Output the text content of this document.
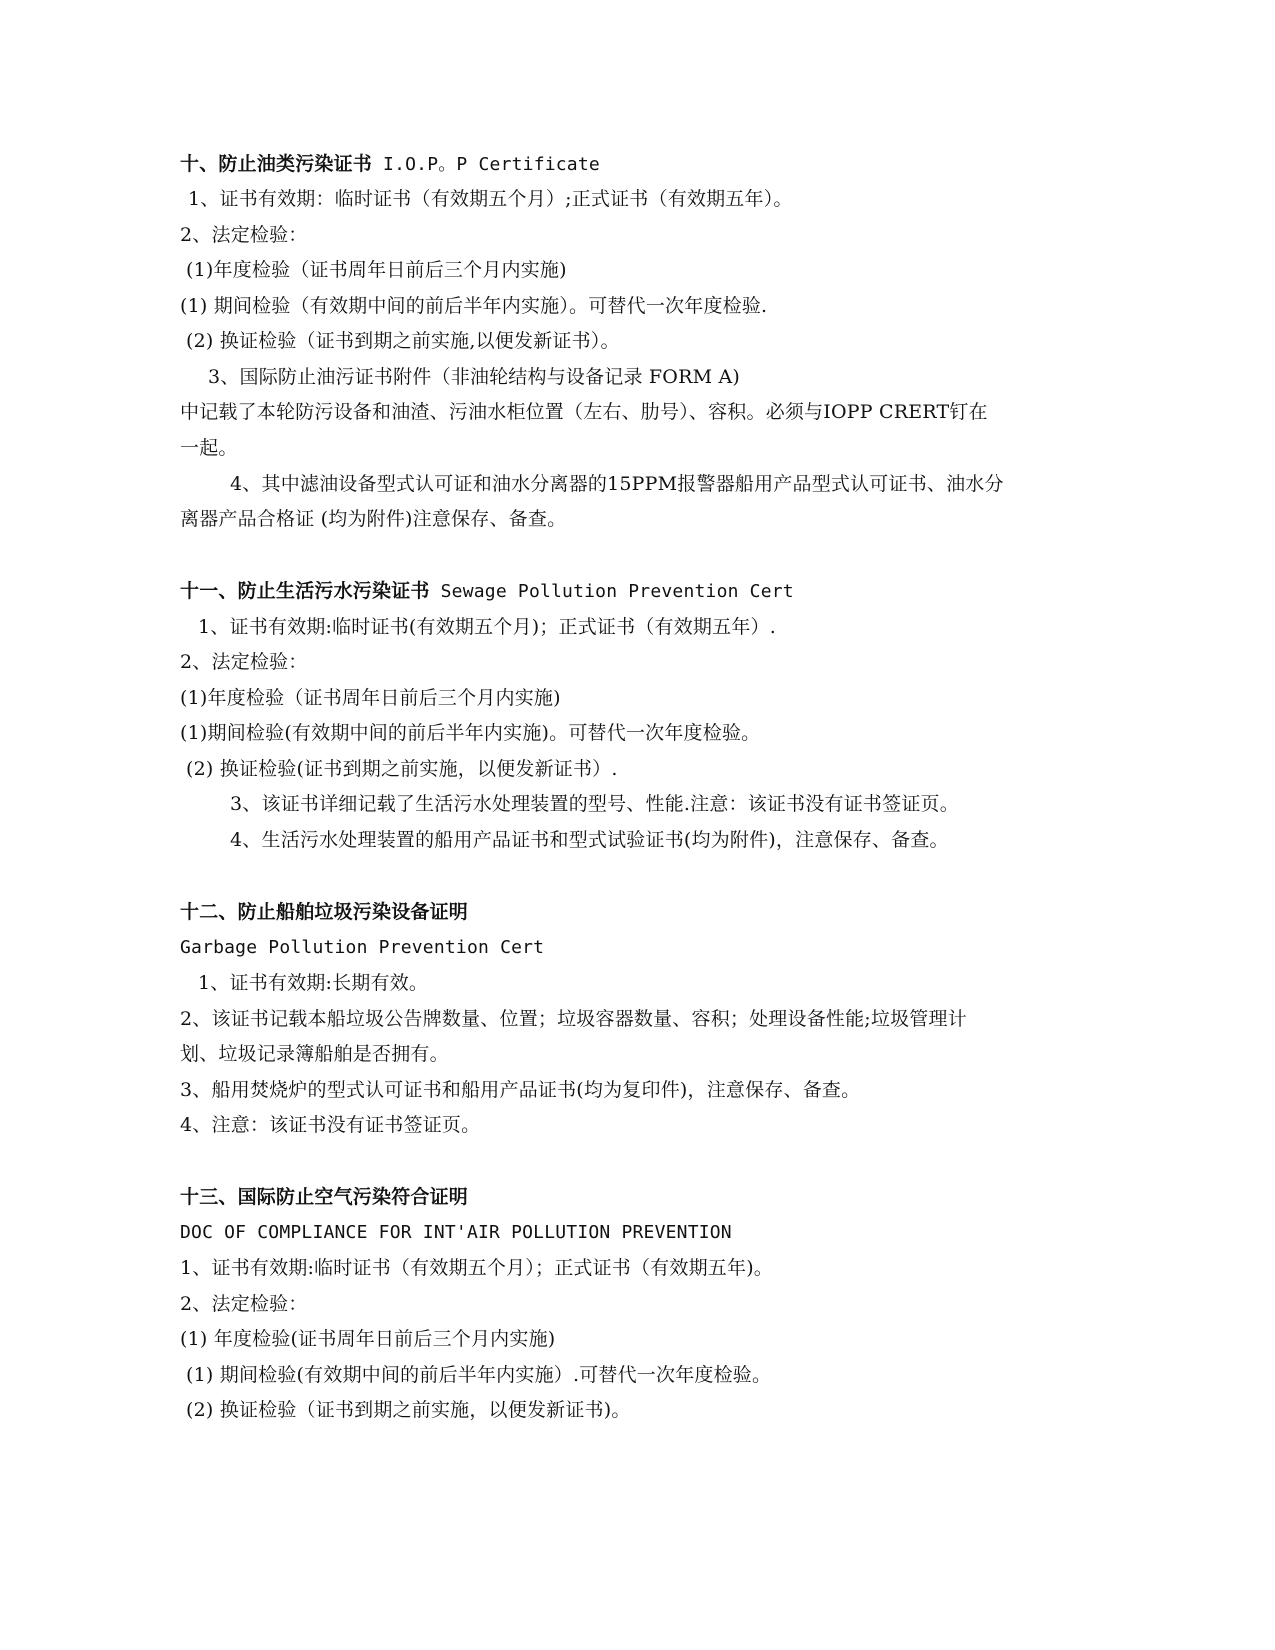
十、防止油类污染证书 I.O.P。P Certificate
1、证书有效期：临时证书（有效期五个月）;正式证书（有效期五年）。
2、法定检验：
(1)年度检验（证书周年日前后三个月内实施)
(1) 期间检验（有效期中间的前后半年内实施）。可替代一次年度检验.
(2) 换证检验（证书到期之前实施,以便发新证书）。
3、国际防止油污证书附件（非油轮结构与设备记录 FORM A)
中记载了本轮防污设备和油渣、污油水柜位置（左右、肋号）、容积。必须与IOPP CRERT钉在
一起。
4、其中滤油设备型式认可证和油水分离器的15PPM报警器船用产品型式认可证书、油水分
离器产品合格证 (均为附件)注意保存、备查。
十一、防止生活污水污染证书 Sewage Pollution Prevention Cert
1、证书有效期:临时证书(有效期五个月)；正式证书（有效期五年）.
2、法定检验：
(1)年度检验（证书周年日前后三个月内实施)
(1)期间检验(有效期中间的前后半年内实施)。可替代一次年度检验。
(2) 换证检验(证书到期之前实施，以便发新证书）.
3、该证书详细记载了生活污水处理装置的型号、性能.注意：该证书没有证书签证页。
4、生活污水处理装置的船用产品证书和型式试验证书(均为附件)，注意保存、备查。
十二、防止船舶垃圾污染设备证明
Garbage Pollution Prevention Cert
1、证书有效期:长期有效。
2、该证书记载本船垃圾公告牌数量、位置；垃圾容器数量、容积；处理设备性能;垃圾管理计
划、垃圾记录簿船舶是否拥有。
3、船用焚烧炉的型式认可证书和船用产品证书(均为复印件)，注意保存、备查。
4、注意：该证书没有证书签证页。
十三、国际防止空气污染符合证明
DOC OF COMPLIANCE FOR INT'AIR POLLUTION PREVENTION
1、证书有效期:临时证书（有效期五个月）；正式证书（有效期五年)。
2、法定检验：
(1) 年度检验(证书周年日前后三个月内实施)
(1) 期间检验(有效期中间的前后半年内实施）.可替代一次年度检验。
(2) 换证检验（证书到期之前实施，以便发新证书)。
